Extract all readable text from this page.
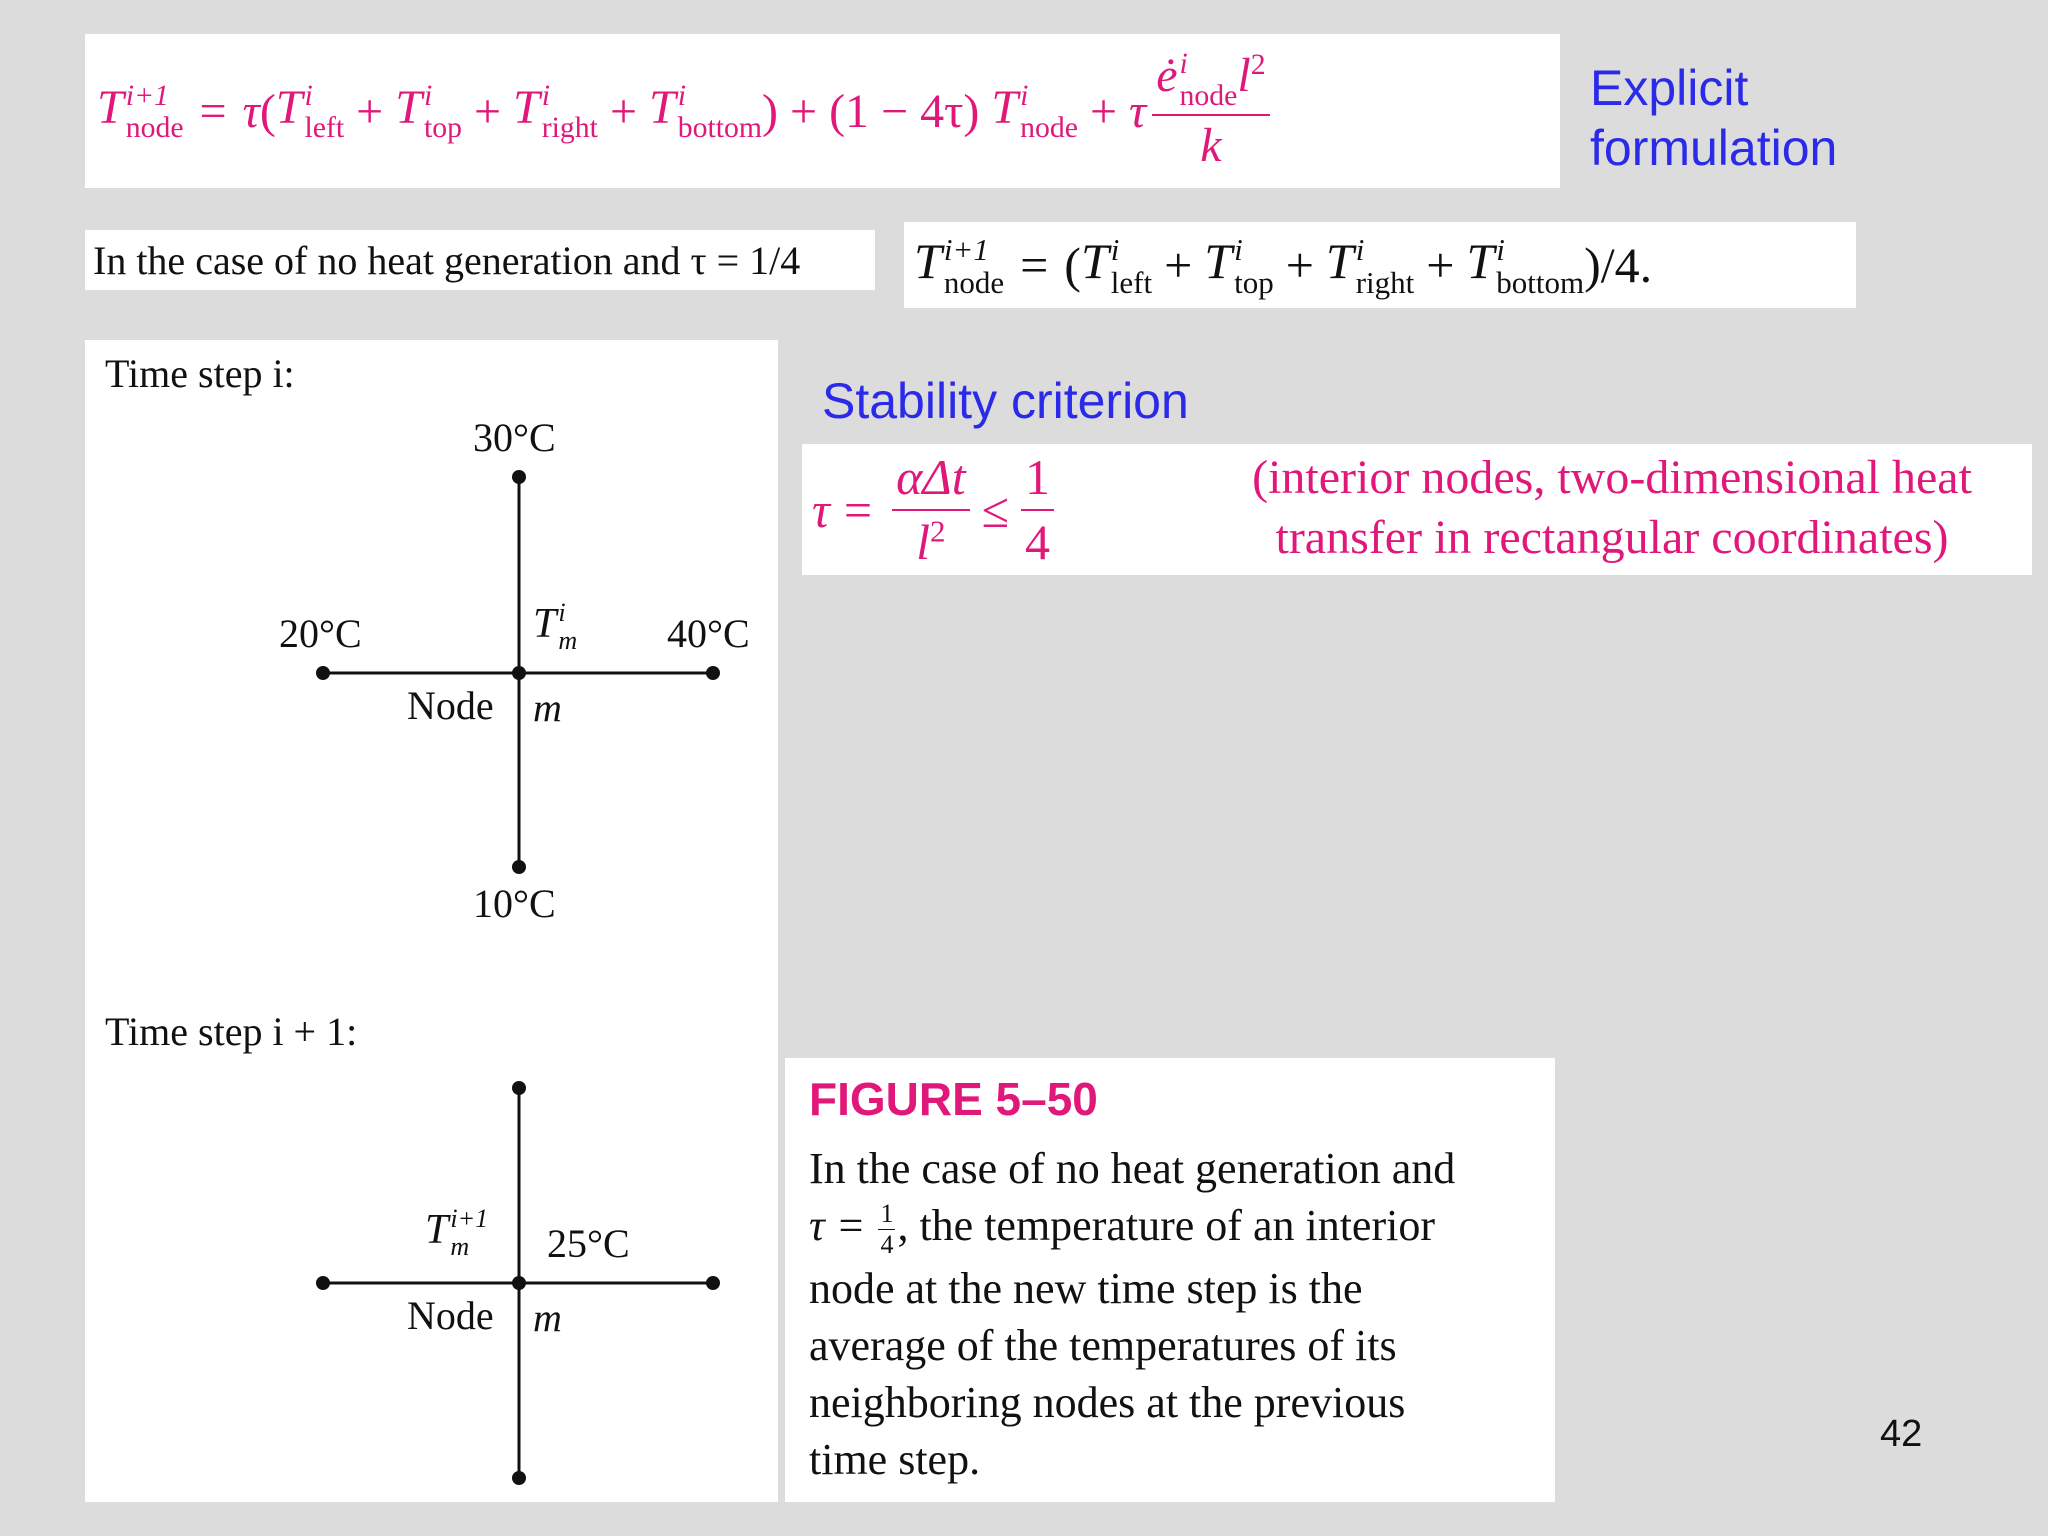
T i+1
node = τ ( T i
left + T i
top + T i
right + T i
bottom ) + (1 − 4τ) T i
node + τ ė i
node $l^2$
k	Explicit
formulation
In the case of no heat generation and τ = 1/4 T i+1
node = ( T i
left + T i
top + T i
right + T i
bottom )/4.
Time step i:
30°C
20°C	40°C
10°C
T i
m
Node m
Time step i + 1:
T i+1
m	25°C
Node m
Stability criterion
$\tau = \frac{\text{αΔt}}{l^2} \le \frac{1}{4}$	(interior nodes, two-dimensional heat
transfer in rectangular coordinates)
FIGURE 5–50
In the case of no heat generation and
$\tau = \frac{1}{4}$ , the temperature of an interior
node at the new time step is the
average of the temperatures of its
neighboring nodes at the previous
time step.
42
